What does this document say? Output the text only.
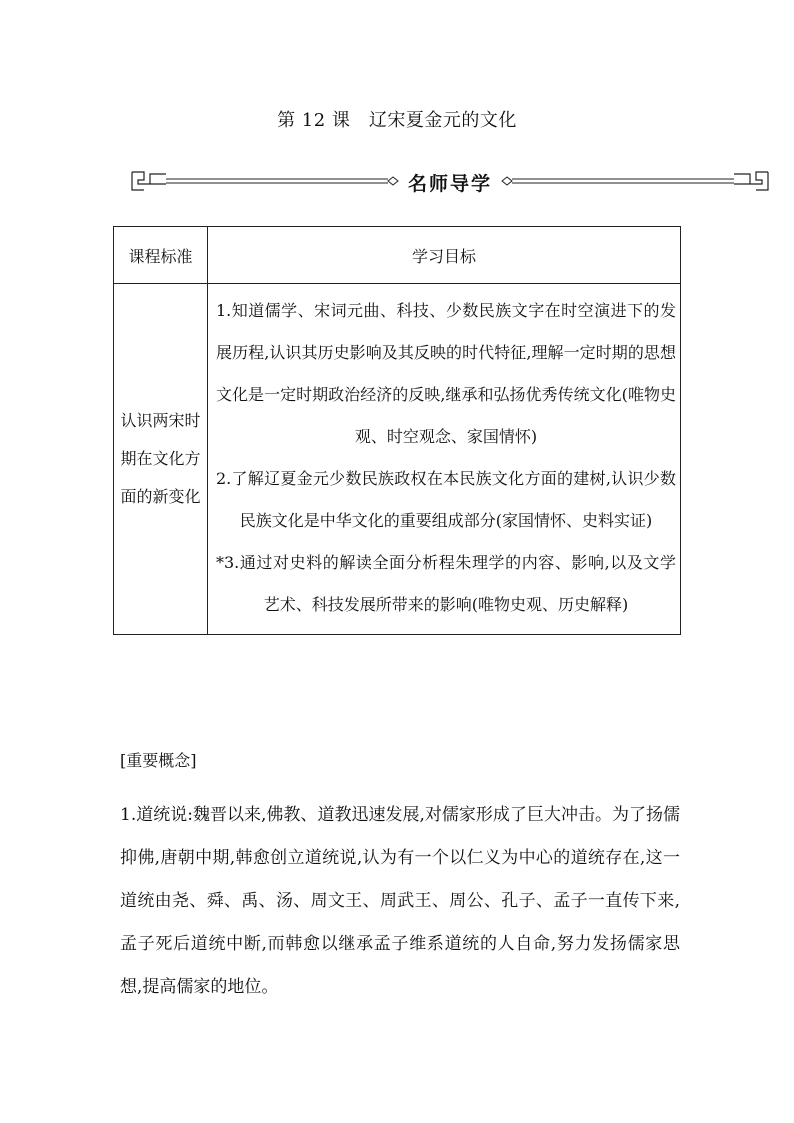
第 12 课　辽宋夏金元的文化
名师导学
课程标准	学习目标
认识两宋时期在文化方面的新变化	1.知道儒学、宋词元曲、科技、少数民族文字在时空演进下的发展历程,认识其历史影响及其反映的时代特征,理解一定时期的思想文化是一定时期政治经济的反映,继承和弘扬优秀传统文化(唯物史观、时空观念、家国情怀)

2.了解辽夏金元少数民族政权在本民族文化方面的建树,认识少数民族文化是中华文化的重要组成部分(家国情怀、史料实证)

*3.通过对史料的解读全面分析程朱理学的内容、影响,以及文学艺术、科技发展所带来的影响(唯物史观、历史解释)

[重要概念]

1.道统说:魏晋以来,佛教、道教迅速发展,对儒家形成了巨大冲击。为了扬儒抑佛,唐朝中期,韩愈创立道统说,认为有一个以仁义为中心的道统存在,这一道统由尧、舜、禹、汤、周文王、周武王、周公、孔子、孟子一直传下来,孟子死后道统中断,而韩愈以继承孟子维系道统的人自命,努力发扬儒家思想,提高儒家的地位。
